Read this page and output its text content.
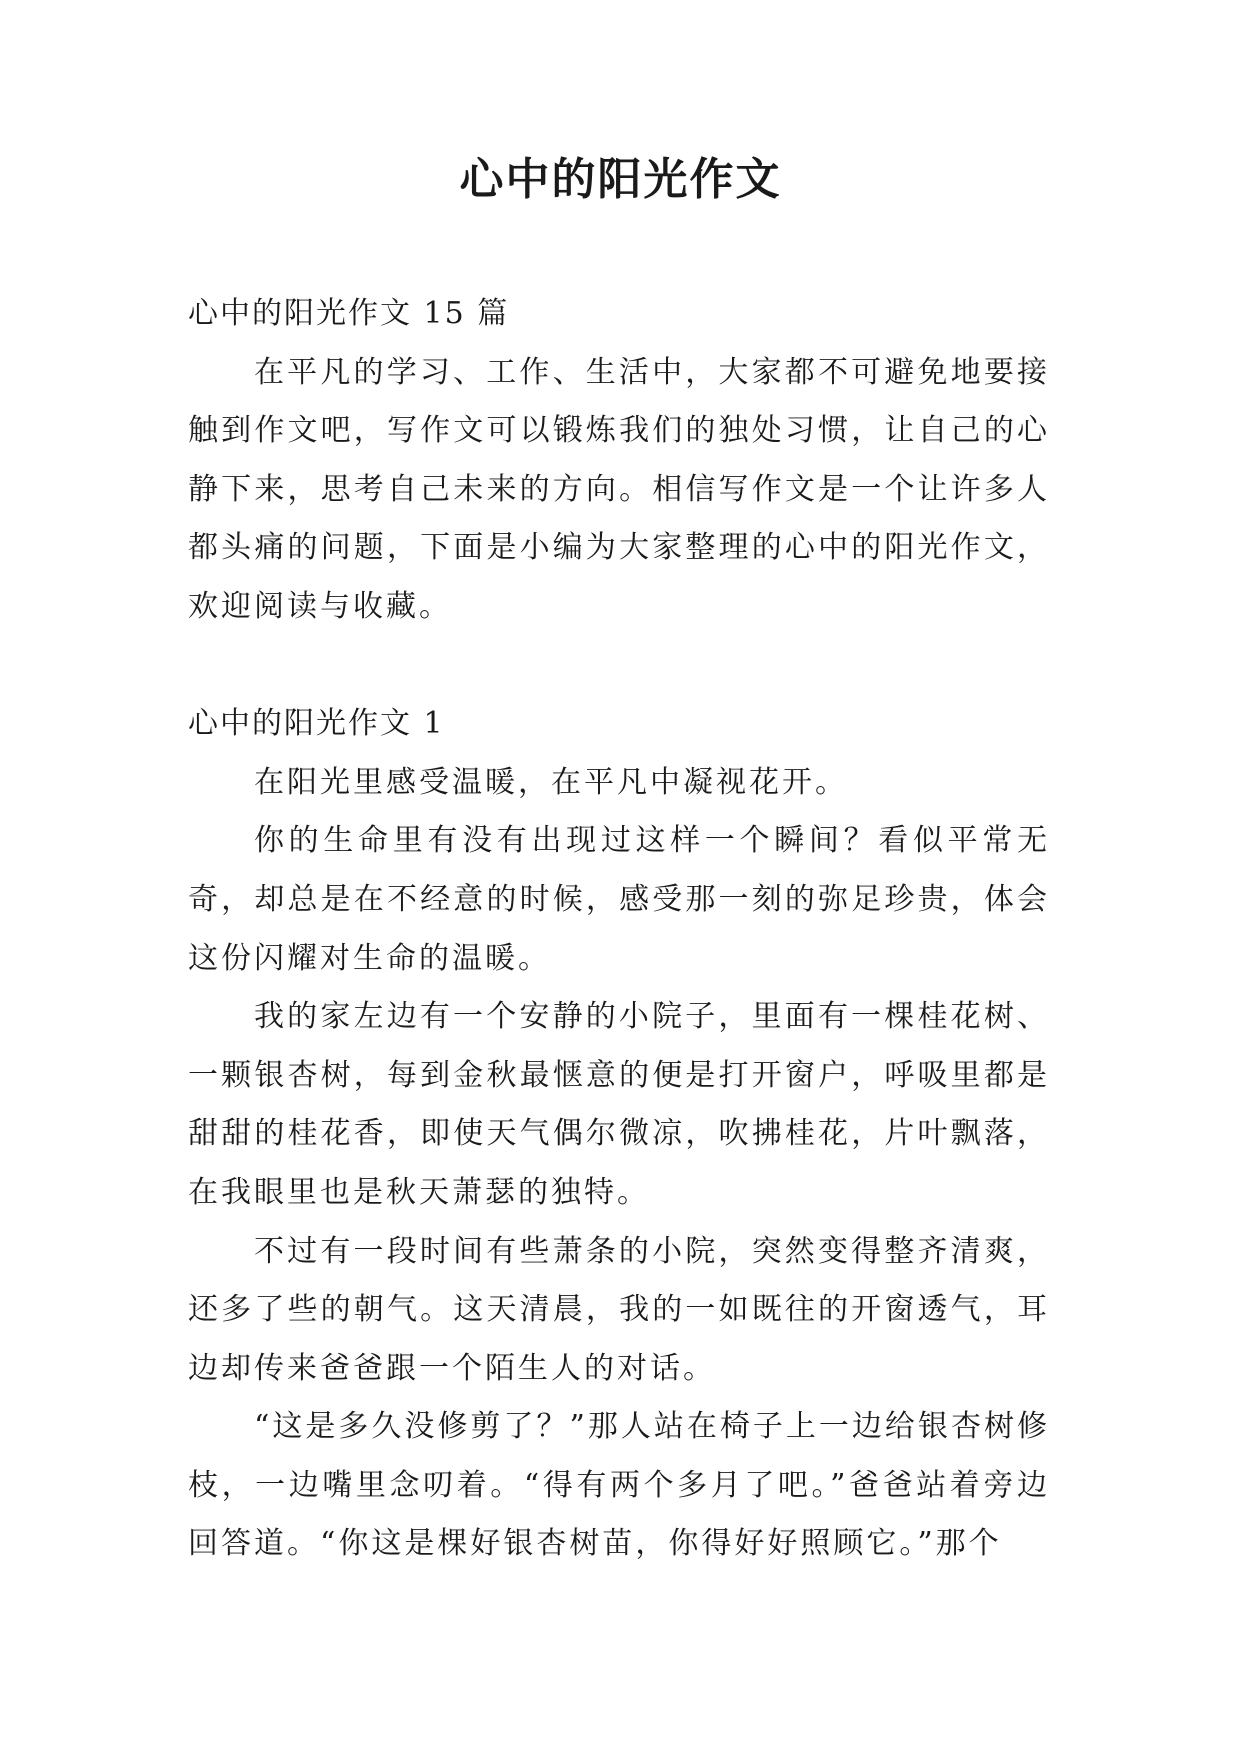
心中的阳光作文

心中的阳光作文 15 篇

在平凡的学习、工作、生活中，大家都不可避免地要接触到作文吧，写作文可以锻炼我们的独处习惯，让自己的心静下来，思考自己未来的方向。相信写作文是一个让许多人都头痛的问题，下面是小编为大家整理的心中的阳光作文，欢迎阅读与收藏。

心中的阳光作文 1

在阳光里感受温暖，在平凡中凝视花开。

你的生命里有没有出现过这样一个瞬间？看似平常无奇，却总是在不经意的时候，感受那一刻的弥足珍贵，体会这份闪耀对生命的温暖。

我的家左边有一个安静的小院子，里面有一棵桂花树、一颗银杏树，每到金秋最惬意的便是打开窗户，呼吸里都是甜甜的桂花香，即使天气偶尔微凉，吹拂桂花，片叶飘落，在我眼里也是秋天萧瑟的独特。

不过有一段时间有些萧条的小院，突然变得整齐清爽，还多了些的朝气。这天清晨，我的一如既往的开窗透气，耳边却传来爸爸跟一个陌生人的对话。

“这是多久没修剪了？”那人站在椅子上一边给银杏树修枝，一边嘴里念叨着。“得有两个多月了吧。”爸爸站着旁边回答道。“你这是棵好银杏树苗，你得好好照顾它。”那个
